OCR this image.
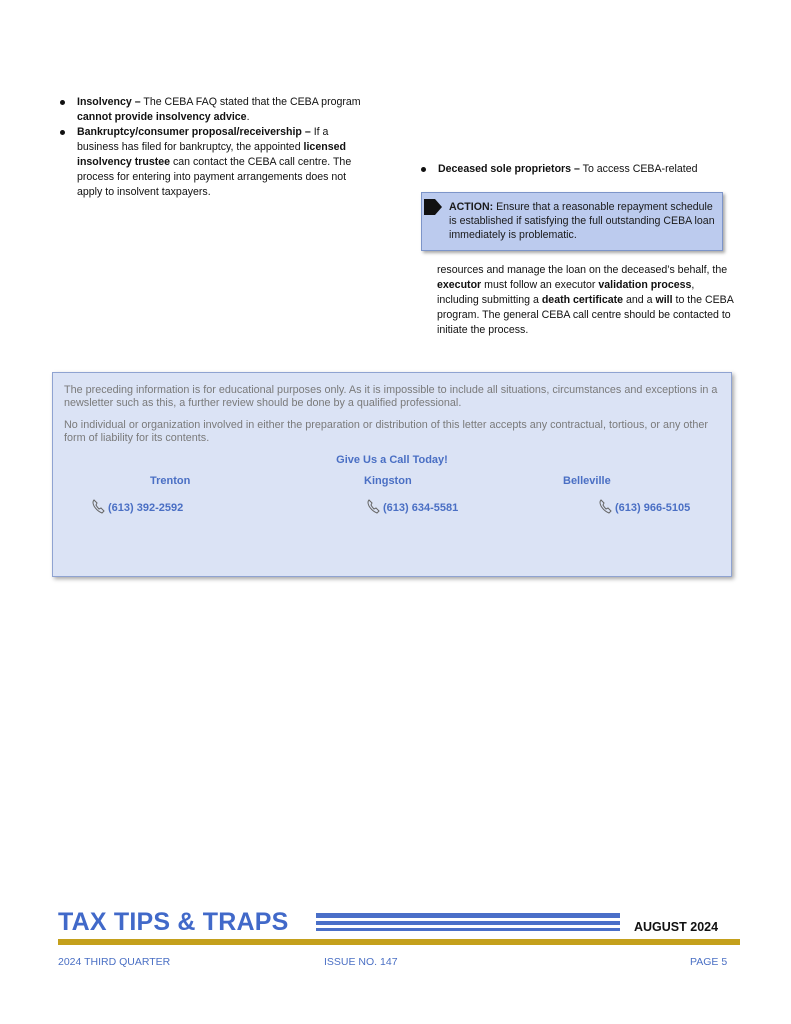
Insolvency – The CEBA FAQ stated that the CEBA program cannot provide insolvency advice.

Bankruptcy/consumer proposal/receivership – If a business has filed for bankruptcy, the appointed licensed insolvency trustee can contact the CEBA call centre. The process for entering into payment arrangements does not apply to insolvent taxpayers.

Deceased sole proprietors – To access CEBA-related

ACTION: Ensure that a reasonable repayment schedule is established if satisfying the full outstanding CEBA loan immediately is problematic.
resources and manage the loan on the deceased’s behalf, the executor must follow an executor validation process, including submitting a death certificate and a will to the CEBA program. The general CEBA call centre should be contacted to initiate the process.

The preceding information is for educational purposes only. As it is impossible to include all situations, circumstances and exceptions in a newsletter such as this, a further review should be done by a qualified professional.

No individual or organization involved in either the preparation or distribution of this letter accepts any contractual, tortious, or any other form of liability for its contents.

Give Us a Call Today!
Trenton	Kingston	Belleville
(613) 392-2592	(613) 634-5581	(613) 966-5105
TAX TIPS & TRAPS	AUGUST 2024
2024 THIRD QUARTER	ISSUE NO. 147	PAGE 5
